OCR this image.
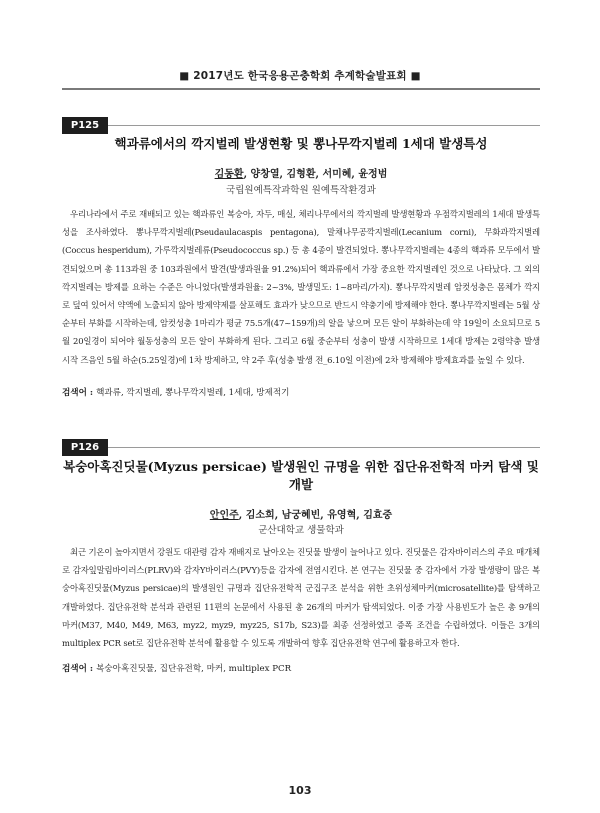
■ 2017년도 한국응용곤충학회 추계학술발표회 ■
P125
핵과류에서의 깍지벌레 발생현황 및 뽕나무깍지벌레 1세대 발생특성
김동환, 양창열, 김형환, 서미혜, 윤정범
국립원예특작과학원 원예특작환경과

우리나라에서 주로 재배되고 있는 핵과류인 복숭아, 자두, 매실, 체리나무에서의 깍지벌레 발생현황과 우점깍지벌레의 1세대 발생특성을 조사하였다. 뽕나무깍지벌레(Pseudaulacaspis pentagona), 말채나무공깍지벌레(Lecanium corni), 무화과깍지벌레(Coccus hesperidum), 가루깍지벌레류(Pseudococcus sp.) 등 총 4종이 발견되었다. 뽕나무깍지벌레는 4종의 핵과류 모두에서 발견되었으며 총 113과원 중 103과원에서 발견(발생과원율 91.2%)되어 핵과류에서 가장 중요한 깍지벌레인 것으로 나타났다. 그 외의 깍지벌레는 방제를 요하는 수준은 아니었다(발생과원율: 2~3%, 발생밀도: 1~8마리/가지). 뽕나무깍지벌레 암컷성충은 몸체가 깍지로 덮여 있어서 약액에 노출되지 않아 방제약제를 살포해도 효과가 낮으므로 반드시 약충기에 방제해야 한다. 뽕나무깍지벌레는 5월 상순부터 부화를 시작하는데, 암컷성충 1마리가 평균 75.5개(47~159개)의 알을 낳으며 모든 알이 부화하는데 약 19일이 소요되므로 5월 20일경이 되어야 월동성충의 모든 알이 부화하게 된다. 그리고 6월 중순부터 성충이 발생 시작하므로 1세대 방제는 2령약충 발생 시작 즈음인 5월 하순(5.25일경)에 1차 방제하고, 약 2주 후(성충 발생 전_6.10일 이전)에 2차 방제해야 방제효과를 높일 수 있다.

검색어 : 핵과류, 깍지벌레, 뽕나무깍지벌레, 1세대, 방제적기
P126
복숭아혹진딧물(Myzus persicae) 발생원인 규명을 위한 집단유전학적 마커 탐색 및 개발
안인주, 김소희, 남궁혜빈, 유영혁, 김효중
군산대학교 생물학과

최근 기온이 높아지면서 강원도 대관령 감자 재배지로 날아오는 진딧물 발생이 늘어나고 있다. 진딧물은 감자바이러스의 주요 매개체로 감자잎말림바이러스(PLRV)와 감자Y바이러스(PVY)등을 감자에 전염시킨다. 본 연구는 진딧물 중 감자에서 가장 발생량이 많은 복숭아혹진딧물(Myzus persicae)의 발생원인 규명과 집단유전학적 군집구조 분석을 위한 초위성체마커(microsatellite)를 탐색하고 개발하였다. 집단유전학 분석과 관련된 11편의 논문에서 사용된 총 26개의 마커가 탐색되었다. 이중 가장 사용빈도가 높은 총 9개의 마커(M37, M40, M49, M63, myz2, myz9, myz25, S17b, S23)를 최종 선정하였고 증폭 조건을 수립하였다. 이들은 3개의 multiplex PCR set로 집단유전학 분석에 활용할 수 있도록 개발하여 향후 집단유전학 연구에 활용하고자 한다.

검색어 : 복숭아혹진딧물, 집단유전학, 마커, multiplex PCR
103
